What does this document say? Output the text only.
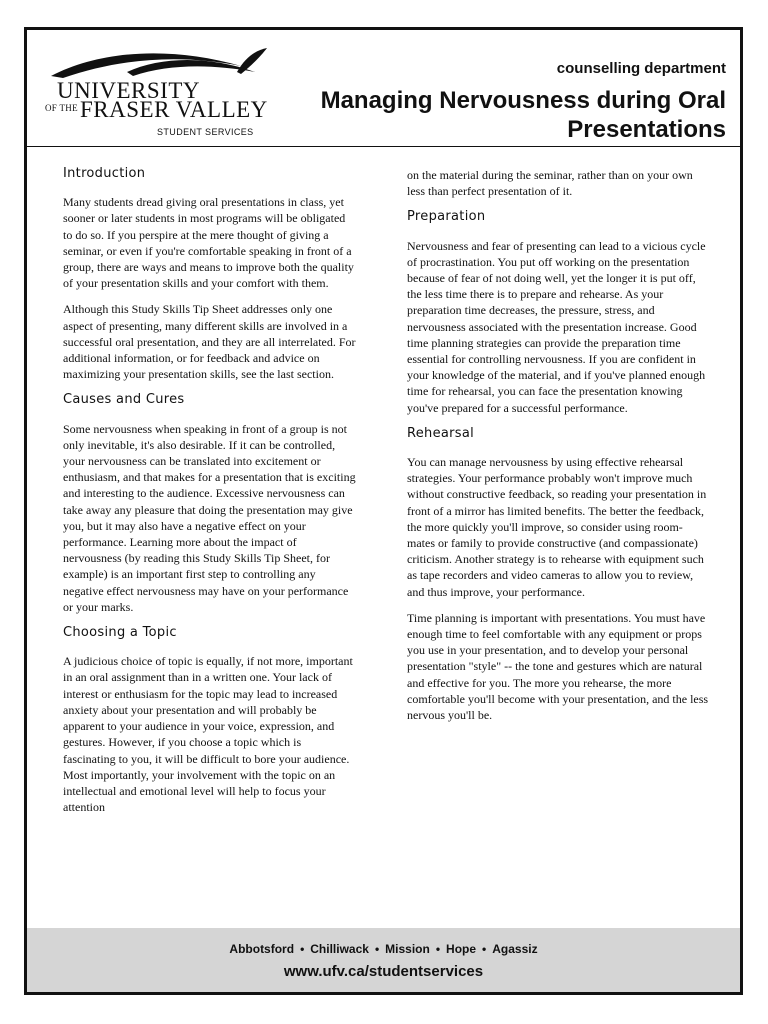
UNIVERSITY
OF THE FRASER VALLEY
STUDENT SERVICES
counselling department
Managing Nervousness during Oral Presentations
Introduction

Many students dread giving oral presentations in class, yet sooner or later students in most programs will be obligated to do so. If you perspire at the mere thought of giving a seminar, or even if you're comfortable speaking in front of a group, there are ways and means to improve both the quality of your presentation skills and your comfort with them.

Although this Study Skills Tip Sheet addresses only one aspect of presenting, many different skills are involved in a successful oral presentation, and they are all interrelated. For additional information, or for feedback and advice on maximizing your presentation skills, see the last section.

Causes and Cures

Some nervousness when speaking in front of a group is not only inevitable, it's also desirable. If it can be controlled, your nervousness can be translated into excitement or enthusiasm, and that makes for a presentation that is exciting and interesting to the audience. Excessive nervousness can take away any pleasure that doing the presentation may give you, but it may also have a negative effect on your performance. Learning more about the impact of nervousness (by reading this Study Skills Tip Sheet, for example) is an important first step to controlling any negative effect nervousness may have on your performance or your marks.

Choosing a Topic

A judicious choice of topic is equally, if not more, important in an oral assignment than in a written one. Your lack of interest or enthusiasm for the topic may lead to increased anxiety about your presentation and will probably be apparent to your audience in your voice, expression, and gestures. However, if you choose a topic which is fascinating to you, it will be difficult to bore your audience. Most importantly, your involvement with the topic on an intellectual and emotional level will help to focus your attention

on the material during the seminar, rather than on your own less than perfect presentation of it.

Preparation

Nervousness and fear of presenting can lead to a vicious cycle of procrastination. You put off working on the presentation because of fear of not doing well, yet the longer it is put off, the less time there is to prepare and rehearse. As your preparation time decreases, the pressure, stress, and nervousness associated with the presentation increase. Good time planning strategies can provide the preparation time essential for controlling nervousness. If you are confident in your knowledge of the material, and if you've planned enough time for rehearsal, you can face the presentation knowing you've prepared for a successful performance.

Rehearsal

You can manage nervousness by using effective rehearsal strategies. Your performance probably won't improve much without constructive feedback, so reading your presentation in front of a mirror has limited benefits. The better the feedback, the more quickly you'll improve, so consider using room-mates or family to provide constructive (and compassionate) criticism. Another strategy is to rehearse with equipment such as tape recorders and video cameras to allow you to review, and thus improve, your performance.

Time planning is important with presentations. You must have enough time to feel comfortable with any equipment or props you use in your presentation, and to develop your personal presentation "style" -- the tone and gestures which are natural and effective for you. The more you rehearse, the more comfortable you'll become with your presentation, and the less nervous you'll be.

Abbotsford • Chilliwack • Mission • Hope • Agassiz
www.ufv.ca/studentservices
